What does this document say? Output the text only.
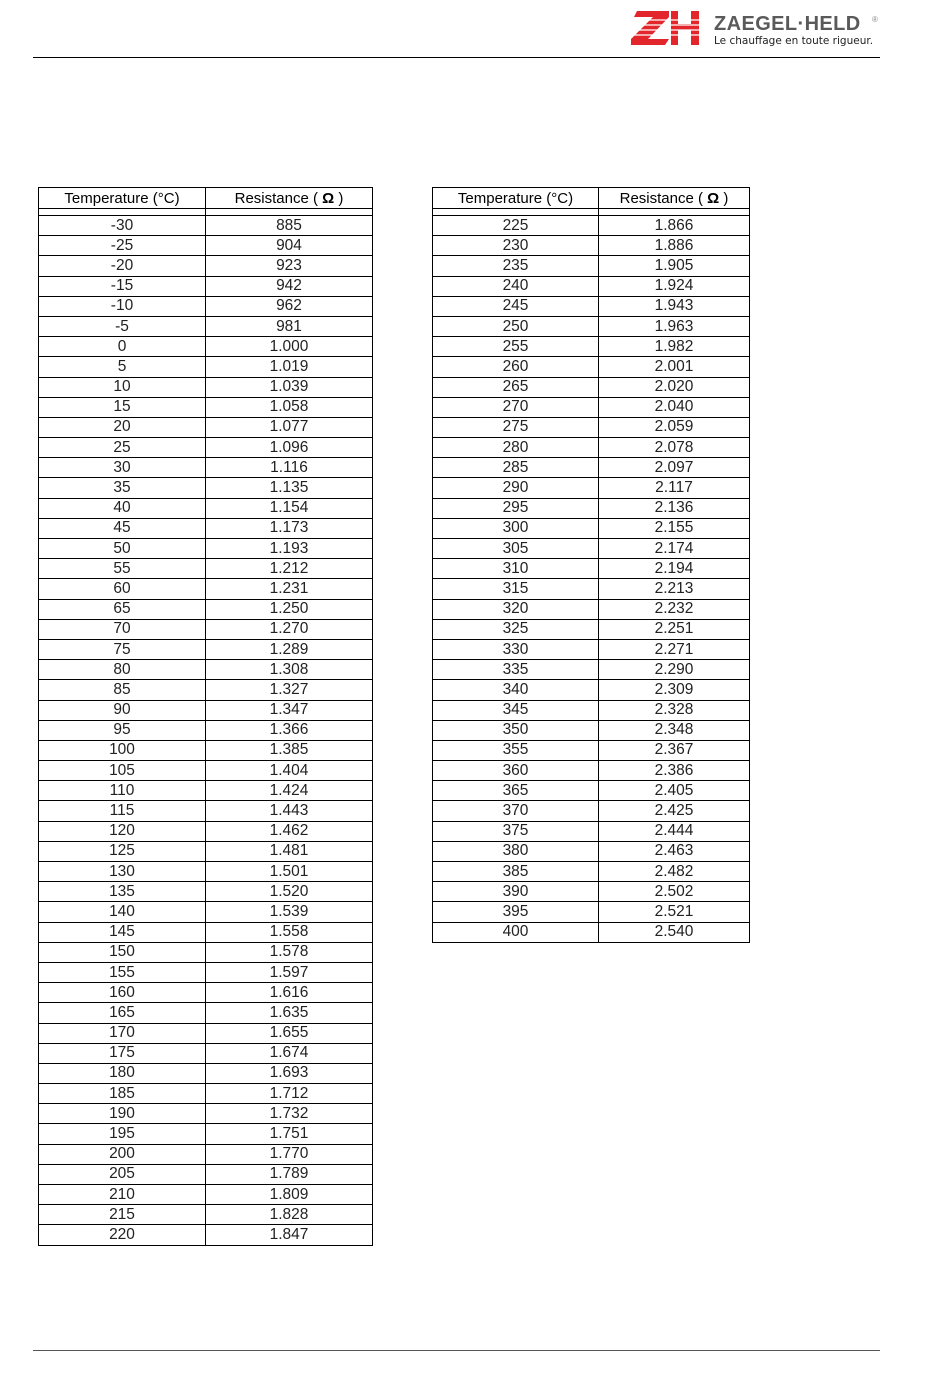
ZAEGEL·HELD ®
Le chauffage en toute rigueur.
Temperature (°C)	Resistance ( Ω )

-30	885
-25	904
-20	923
-15	942
-10	962
-5	981
0	1.000
5	1.019
10	1.039
15	1.058
20	1.077
25	1.096
30	1.116
35	1.135
40	1.154
45	1.173
50	1.193
55	1.212
60	1.231
65	1.250
70	1.270
75	1.289
80	1.308
85	1.327
90	1.347
95	1.366
100	1.385
105	1.404
110	1.424
115	1.443
120	1.462
125	1.481
130	1.501
135	1.520
140	1.539
145	1.558
150	1.578
155	1.597
160	1.616
165	1.635
170	1.655
175	1.674
180	1.693
185	1.712
190	1.732
195	1.751
200	1.770
205	1.789
210	1.809
215	1.828
220	1.847
Temperature (°C)	Resistance ( Ω )

225	1.866
230	1.886
235	1.905
240	1.924
245	1.943
250	1.963
255	1.982
260	2.001
265	2.020
270	2.040
275	2.059
280	2.078
285	2.097
290	2.117
295	2.136
300	2.155
305	2.174
310	2.194
315	2.213
320	2.232
325	2.251
330	2.271
335	2.290
340	2.309
345	2.328
350	2.348
355	2.367
360	2.386
365	2.405
370	2.425
375	2.444
380	2.463
385	2.482
390	2.502
395	2.521
400	2.540
